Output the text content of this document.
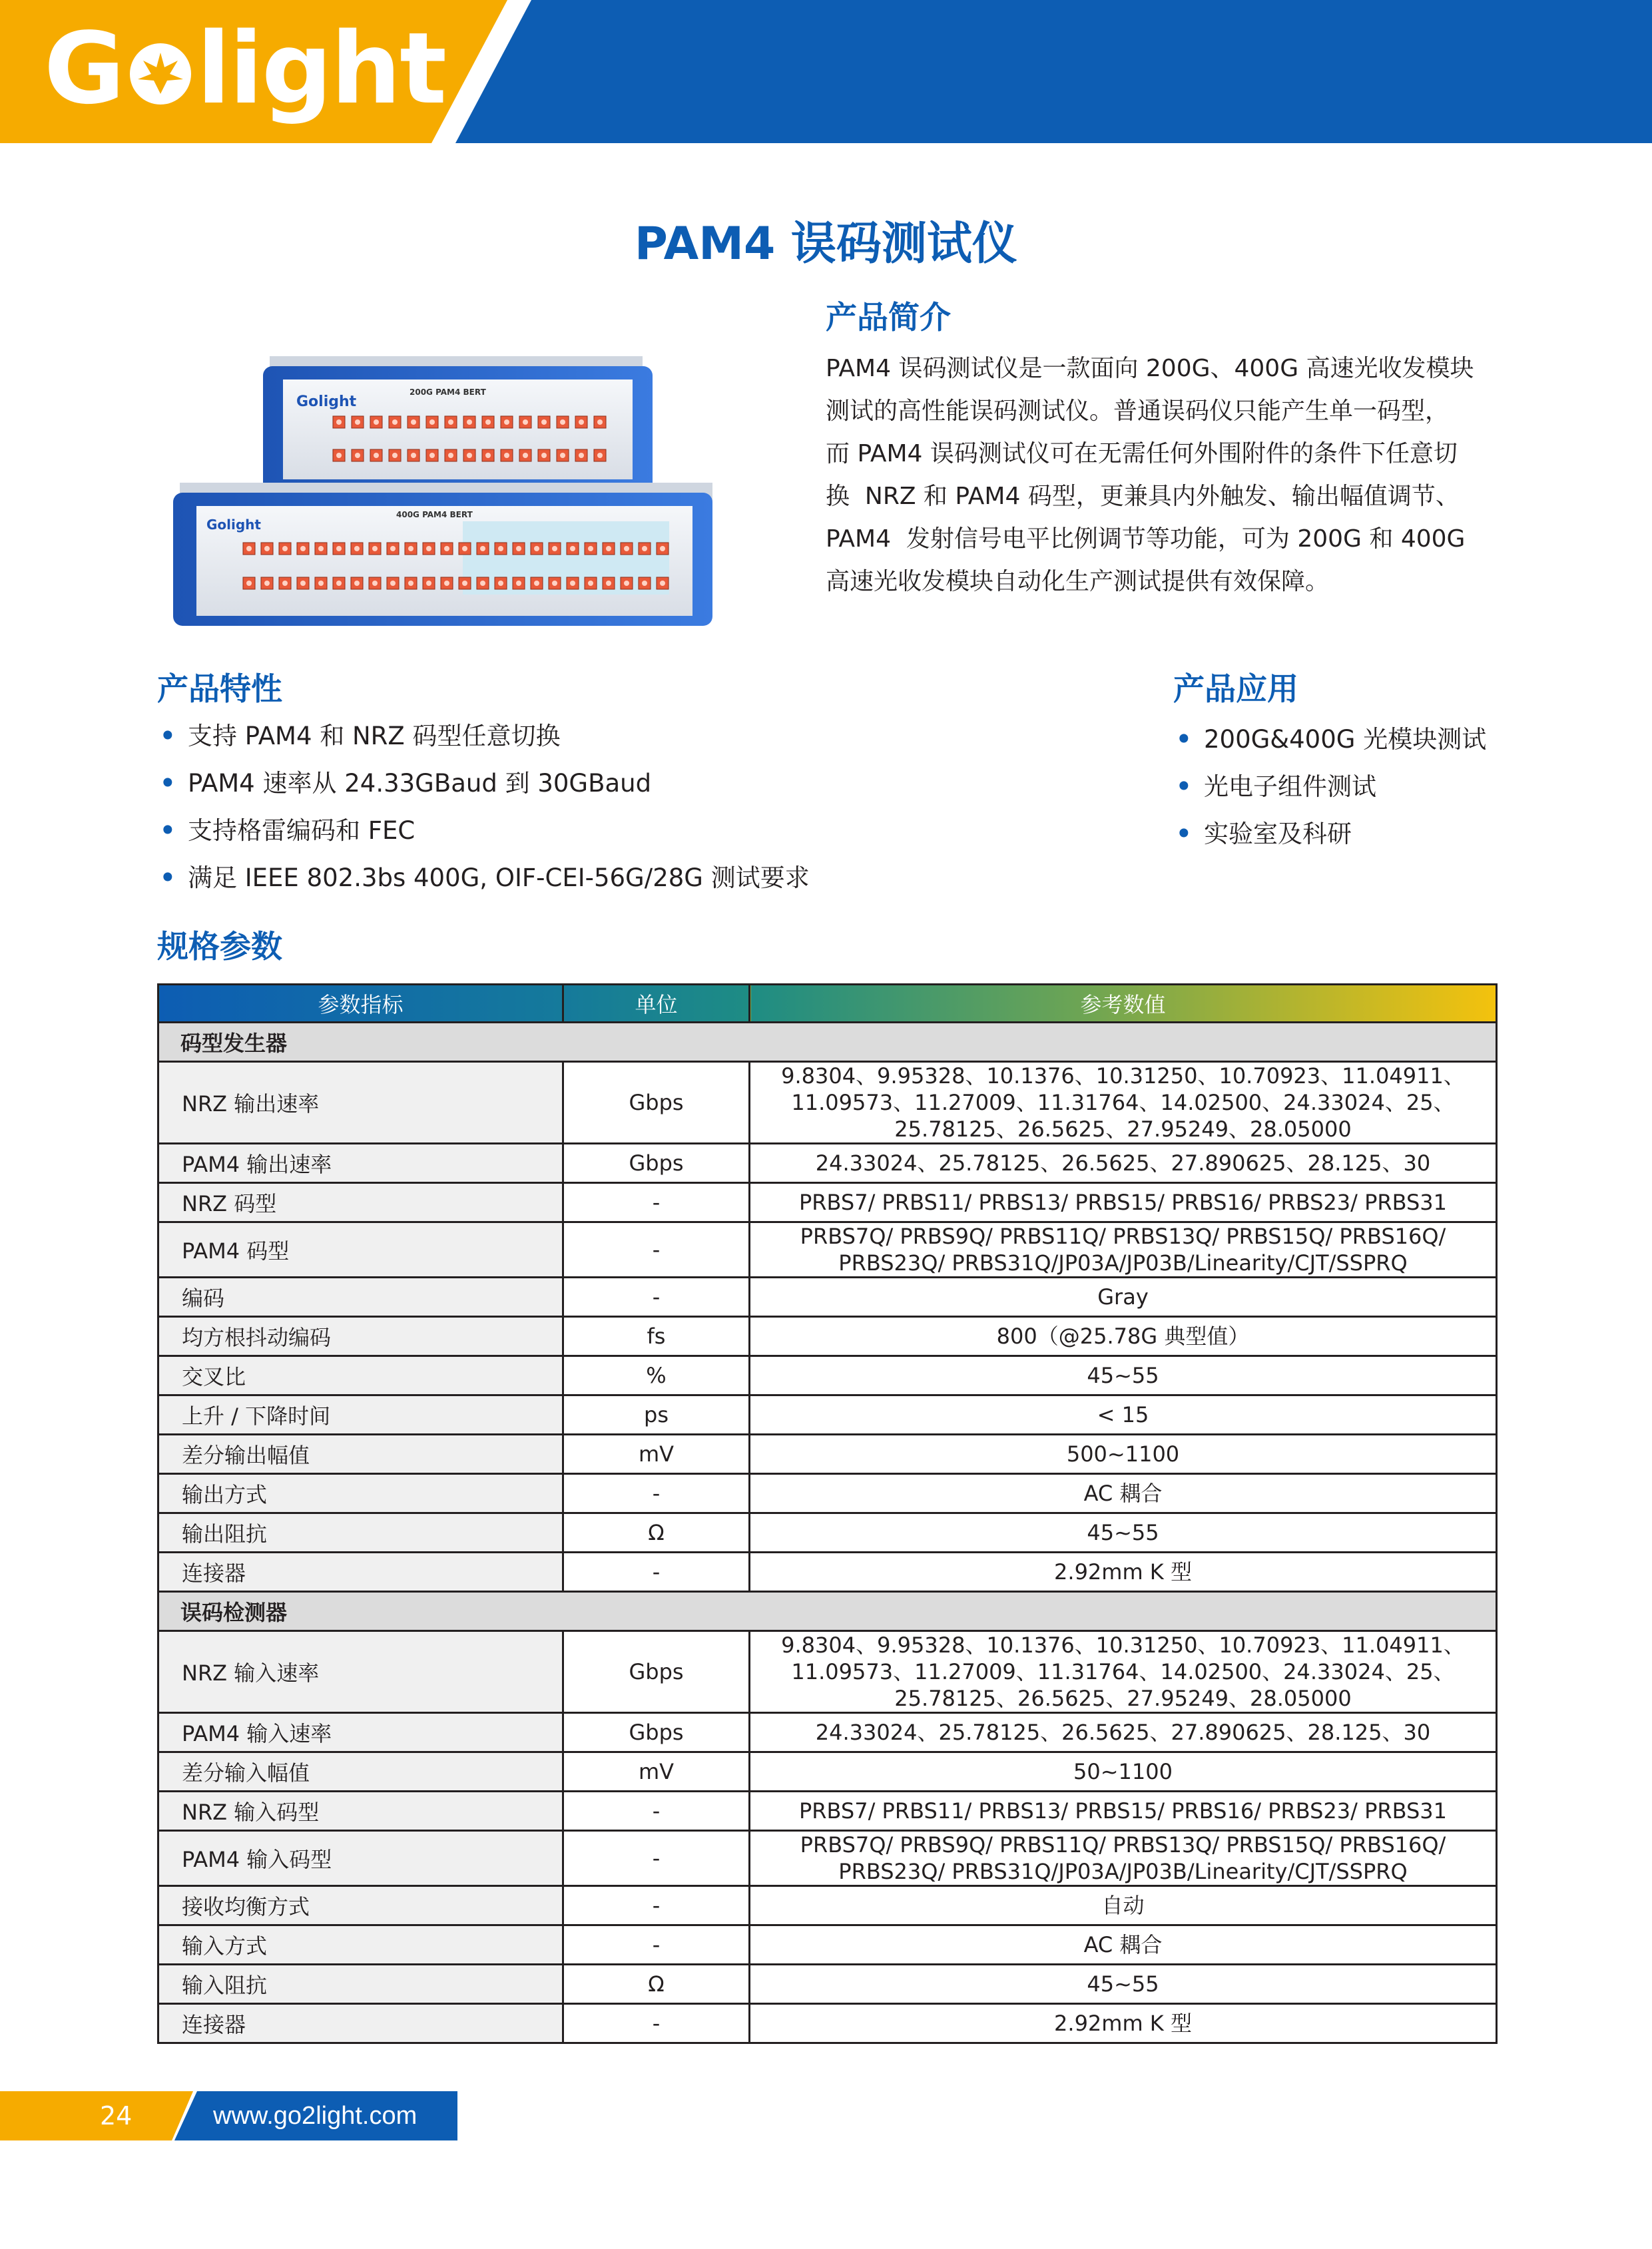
G light
PAM4 误码测试仪
产品简介
PAM4 误码测试仪是一款面向 200G、400G 高速光收发模块
测试的高性能误码测试仪。普通误码仪只能产生单一码型，
而 PAM4 误码测试仪可在无需任何外围附件的条件下任意切
换  NRZ 和 PAM4 码型，更兼具内外触发、输出幅值调节、
PAM4  发射信号电平比例调节等功能，可为 200G 和 400G
高速光收发模块自动化生产测试提供有效保障。
Golight
200G PAM4 BERT
Golight
400G PAM4 BERT
产品特性
• 支持 PAM4 和 NRZ 码型任意切换
• PAM4 速率从 24.33GBaud 到 30GBaud
• 支持格雷编码和 FEC
• 满足 IEEE 802.3bs 400G, OIF-CEI-56G/28G 测试要求
产品应用
• 200G&400G 光模块测试
• 光电子组件测试
• 实验室及科研
规格参数
参数指标	单位	参考数值
码型发生器		
NRZ 输出速率	Gbps	9.8304、9.95328、10.1376、10.31250、10.70923、11.04911、
11.09573、11.27009、11.31764、14.02500、24.33024、25、
25.78125、26.5625、27.95249、28.05000

PAM4 输出速率	Gbps	24.33024、25.78125、26.5625、27.890625、28.125、30

NRZ 码型	-	PRBS7/ PRBS11/ PRBS13/ PRBS15/ PRBS16/ PRBS23/ PRBS31

PAM4 码型	-	PRBS7Q/ PRBS9Q/ PRBS11Q/ PRBS13Q/ PRBS15Q/ PRBS16Q/
PRBS23Q/ PRBS31Q/JP03A/JP03B/Linearity/CJT/SSPRQ

编码	-	Gray

均方根抖动编码	fs	800（@25.78G 典型值）

交叉比	%	45~55

上升 / 下降时间	ps	< 15

差分输出幅值	mV	500~1100

输出方式	-	AC 耦合

输出阻抗	Ω	45~55

连接器	-	2.92mm K 型

误码检测器		
NRZ 输入速率	Gbps	9.8304、9.95328、10.1376、10.31250、10.70923、11.04911、
11.09573、11.27009、11.31764、14.02500、24.33024、25、
25.78125、26.5625、27.95249、28.05000

PAM4 输入速率	Gbps	24.33024、25.78125、26.5625、27.890625、28.125、30

差分输入幅值	mV	50~1100

NRZ 输入码型	-	PRBS7/ PRBS11/ PRBS13/ PRBS15/ PRBS16/ PRBS23/ PRBS31

PAM4 输入码型	-	PRBS7Q/ PRBS9Q/ PRBS11Q/ PRBS13Q/ PRBS15Q/ PRBS16Q/
PRBS23Q/ PRBS31Q/JP03A/JP03B/Linearity/CJT/SSPRQ

接收均衡方式	-	自动

输入方式	-	AC 耦合

输入阻抗	Ω	45~55

连接器	-	2.92mm K 型
24	www.go2light.com
